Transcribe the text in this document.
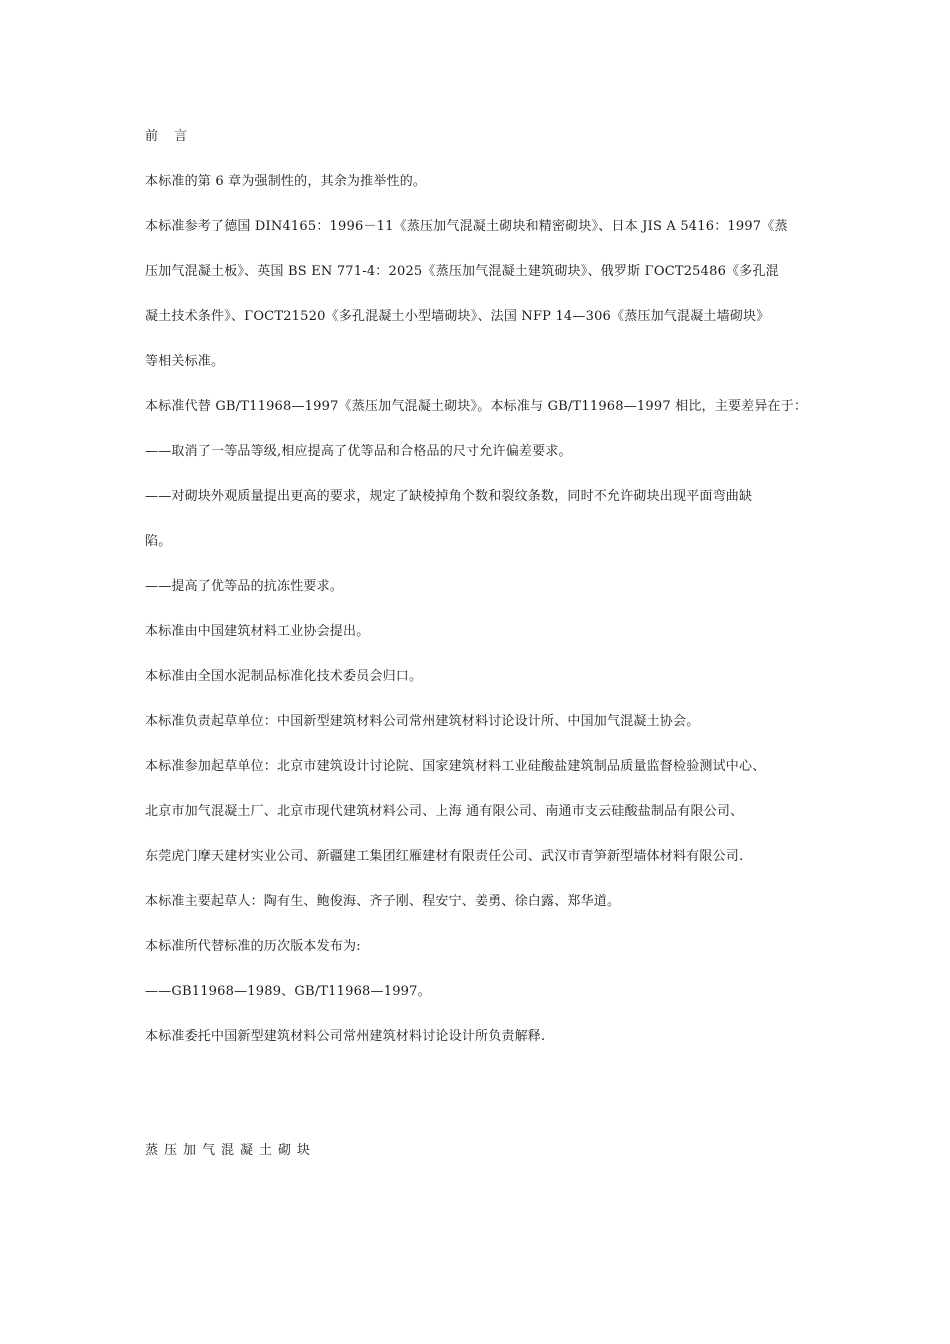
前 言
本标准的第 6 章为强制性的，其余为推举性的。
本标准参考了德国 DIN4165：1996－11《蒸压加气混凝土砌块和精密砌块》、日本 JIS A 5416：1997《蒸
压加气混凝土板》、英国 BS EN 771-4：2025《蒸压加气混凝土建筑砌块》、俄罗斯 ΓOCT25486《多孔混
凝土技术条件》、ΓOCT21520《多孔混凝土小型墙砌块》、法国 NFP 14—306《蒸压加气混凝土墙砌块》
等相关标准。
本标准代替 GB/T11968—1997《蒸压加气混凝土砌块》。本标准与 GB/T11968—1997 相比，主要差异在于：
——取消了一等品等级,相应提高了优等品和合格品的尺寸允许偏差要求。
——对砌块外观质量提出更高的要求，规定了缺棱掉角个数和裂纹条数，同时不允许砌块出现平面弯曲缺
陷。
——提高了优等品的抗冻性要求。
本标准由中国建筑材料工业协会提出。
本标准由全国水泥制品标准化技术委员会归口。
本标准负责起草单位：中国新型建筑材料公司常州建筑材料讨论设计所、中国加气混凝土协会。
本标准参加起草单位：北京市建筑设计讨论院、国家建筑材料工业硅酸盐建筑制品质量监督检验测试中心、
北京市加气混凝土厂、北京市现代建筑材料公司、上海 通有限公司、南通市支云硅酸盐制品有限公司、
东莞虎门摩天建材实业公司、新疆建工集团红雁建材有限责任公司、武汉市青笋新型墙体材料有限公司.
本标准主要起草人：陶有生、鲍俊海、齐子刚、程安宁、姜勇、徐白露、郑华道。
本标准所代替标准的历次版本发布为:
——GB11968—1989、GB/T11968—1997。
本标准委托中国新型建筑材料公司常州建筑材料讨论设计所负责解释.
蒸压加气混凝土砌块
